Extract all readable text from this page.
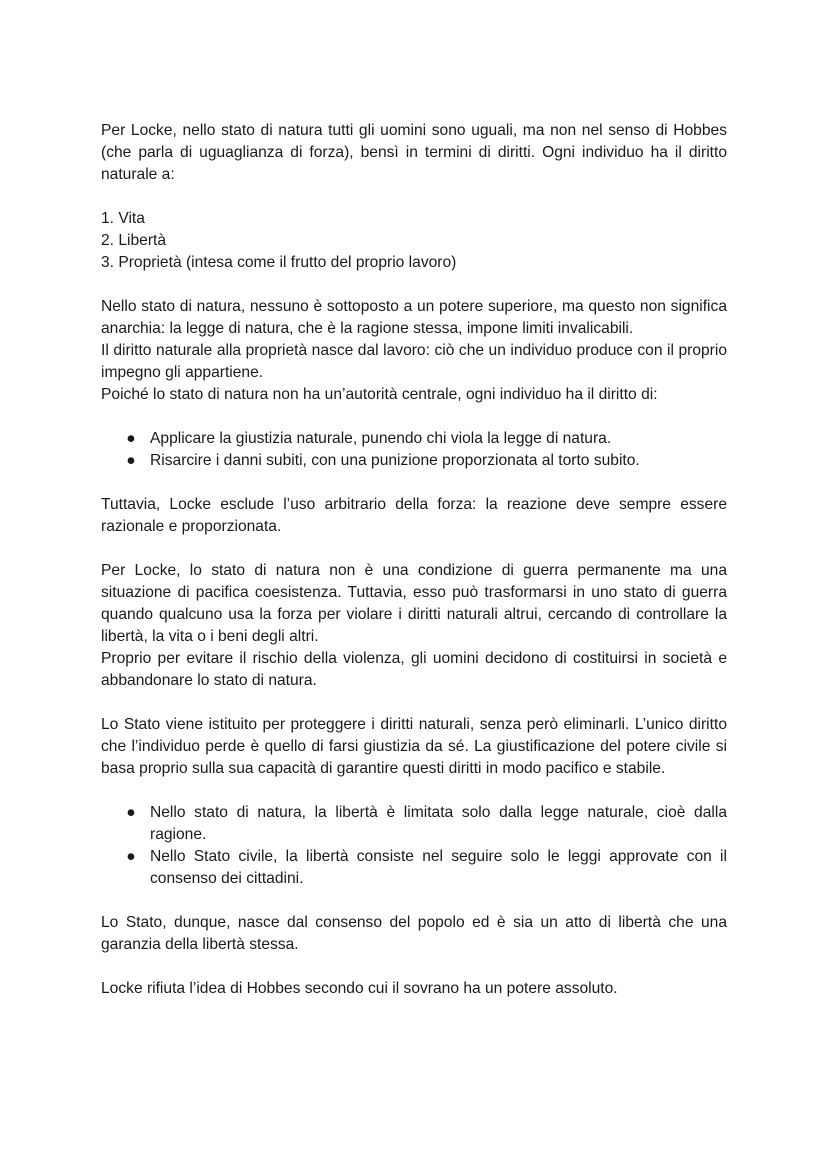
Per Locke, nello stato di natura tutti gli uomini sono uguali, ma non nel senso di Hobbes (che parla di uguaglianza di forza), bensì in termini di diritti. Ogni individuo ha il diritto naturale a:

1. Vita
2. Libertà
3. Proprietà (intesa come il frutto del proprio lavoro)

Nello stato di natura, nessuno è sottoposto a un potere superiore, ma questo non significa anarchia: la legge di natura, che è la ragione stessa, impone limiti invalicabili.

Il diritto naturale alla proprietà nasce dal lavoro: ciò che un individuo produce con il proprio impegno gli appartiene.

Poiché lo stato di natura non ha un’autorità centrale, ogni individuo ha il diritto di:

● Applicare la giustizia naturale, punendo chi viola la legge di natura.
● Risarcire i danni subiti, con una punizione proporzionata al torto subito.

Tuttavia, Locke esclude l’uso arbitrario della forza: la reazione deve sempre essere razionale e proporzionata.

Per Locke, lo stato di natura non è una condizione di guerra permanente ma una situazione di pacifica coesistenza. Tuttavia, esso può trasformarsi in uno stato di guerra quando qualcuno usa la forza per violare i diritti naturali altrui, cercando di controllare la libertà, la vita o i beni degli altri.

Proprio per evitare il rischio della violenza, gli uomini decidono di costituirsi in società e abbandonare lo stato di natura.

Lo Stato viene istituito per proteggere i diritti naturali, senza però eliminarli. L’unico diritto che l’individuo perde è quello di farsi giustizia da sé. La giustificazione del potere civile si basa proprio sulla sua capacità di garantire questi diritti in modo pacifico e stabile.

● Nello stato di natura, la libertà è limitata solo dalla legge naturale, cioè dalla ragione.
● Nello Stato civile, la libertà consiste nel seguire solo le leggi approvate con il consenso dei cittadini.

Lo Stato, dunque, nasce dal consenso del popolo ed è sia un atto di libertà che una garanzia della libertà stessa.

Locke rifiuta l’idea di Hobbes secondo cui il sovrano ha un potere assoluto.
